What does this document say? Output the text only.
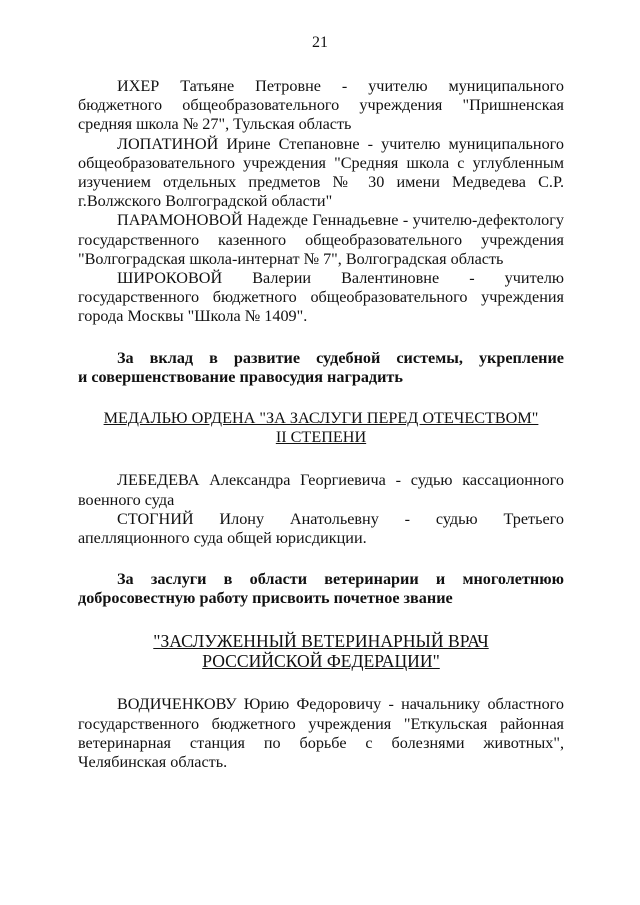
21
ИХЕР Татьяне Петровне - учителю муниципального
бюджетного общеобразовательного учреждения "Пришненская
средняя школа № 27", Тульская область
ЛОПАТИНОЙ Ирине Степановне - учителю муниципального
общеобразовательного учреждения "Средняя школа с углубленным
изучением отдельных предметов № 30 имени Медведева С.Р.
г.Волжского Волгоградской области"
ПАРАМОНОВОЙ Надежде Геннадьевне - учителю-дефектологу
государственного казенного общеобразовательного учреждения
"Волгоградская школа-интернат № 7", Волгоградская область
ШИРОКОВОЙ Валерии Валентиновне - учителю
государственного бюджетного общеобразовательного учреждения
города Москвы "Школа № 1409".
За вклад в развитие судебной системы, укрепление
и совершенствование правосудия наградить
МЕДАЛЬЮ ОРДЕНА "ЗА ЗАСЛУГИ ПЕРЕД ОТЕЧЕСТВОМ"
II СТЕПЕНИ
ЛЕБЕДЕВА Александра Георгиевича - судью кассационного
военного суда
СТОГНИЙ Илону Анатольевну - судью Третьего
апелляционного суда общей юрисдикции.
За заслуги в области ветеринарии и многолетнюю
добросовестную работу присвоить почетное звание
"ЗАСЛУЖЕННЫЙ ВЕТЕРИНАРНЫЙ ВРАЧ
РОССИЙСКОЙ ФЕДЕРАЦИИ"
ВОДИЧЕНКОВУ Юрию Федоровичу - начальнику областного
государственного бюджетного учреждения "Еткульская районная
ветеринарная станция по борьбе с болезнями животных",
Челябинская область.
